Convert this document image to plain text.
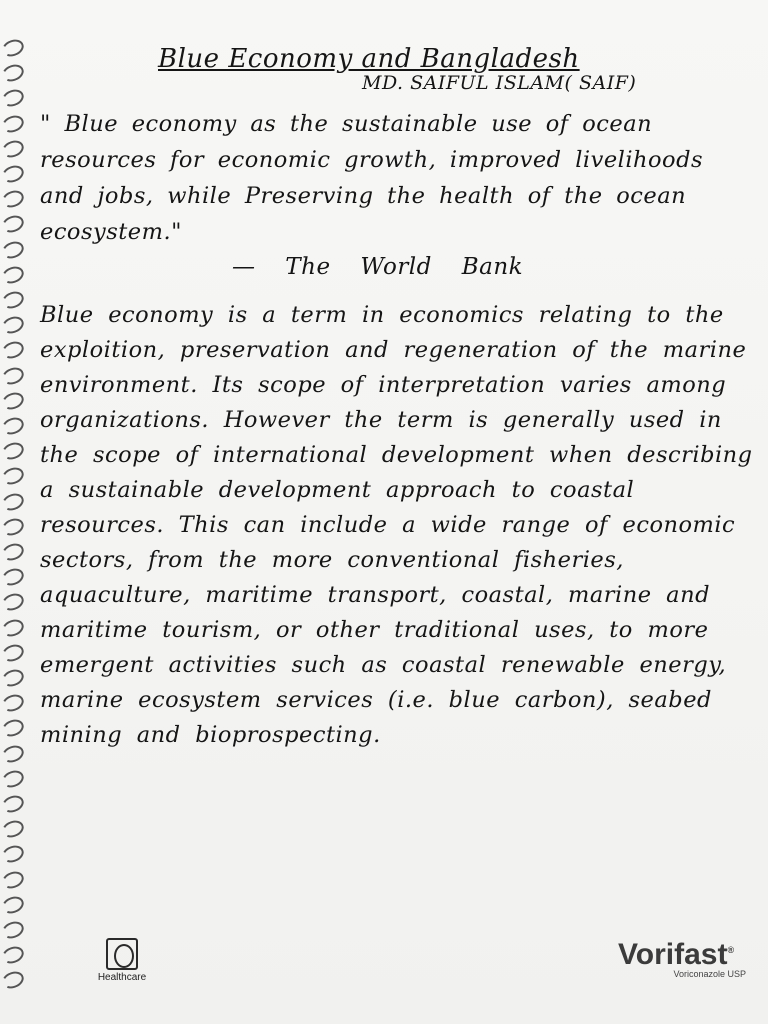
Blue Economy and Bangladesh
MD. SAIFUL ISLAM( SAIF)
" Blue economy as the sustainable use of ocean resources for economic growth, improved livelihoods and jobs, while Preserving the health of the ocean ecosystem."
— The World Bank
Blue economy is a term in economics relating to the exploition, preservation and regeneration of the marine environment. Its scope of interpretation varies among organizations. However the term is generally used in the scope of international development when describing a sustainable development approach to coastal resources. This can include a wide range of economic sectors, from the more conventional fisheries, aquaculture, maritime transport, coastal, marine and maritime tourism, or other traditional uses, to more emergent activities such as coastal renewable energy, marine ecosystem services (i.e. blue carbon), seabed mining and bioprospecting.
Healthcare
Vorifast®
Voriconazole USP
